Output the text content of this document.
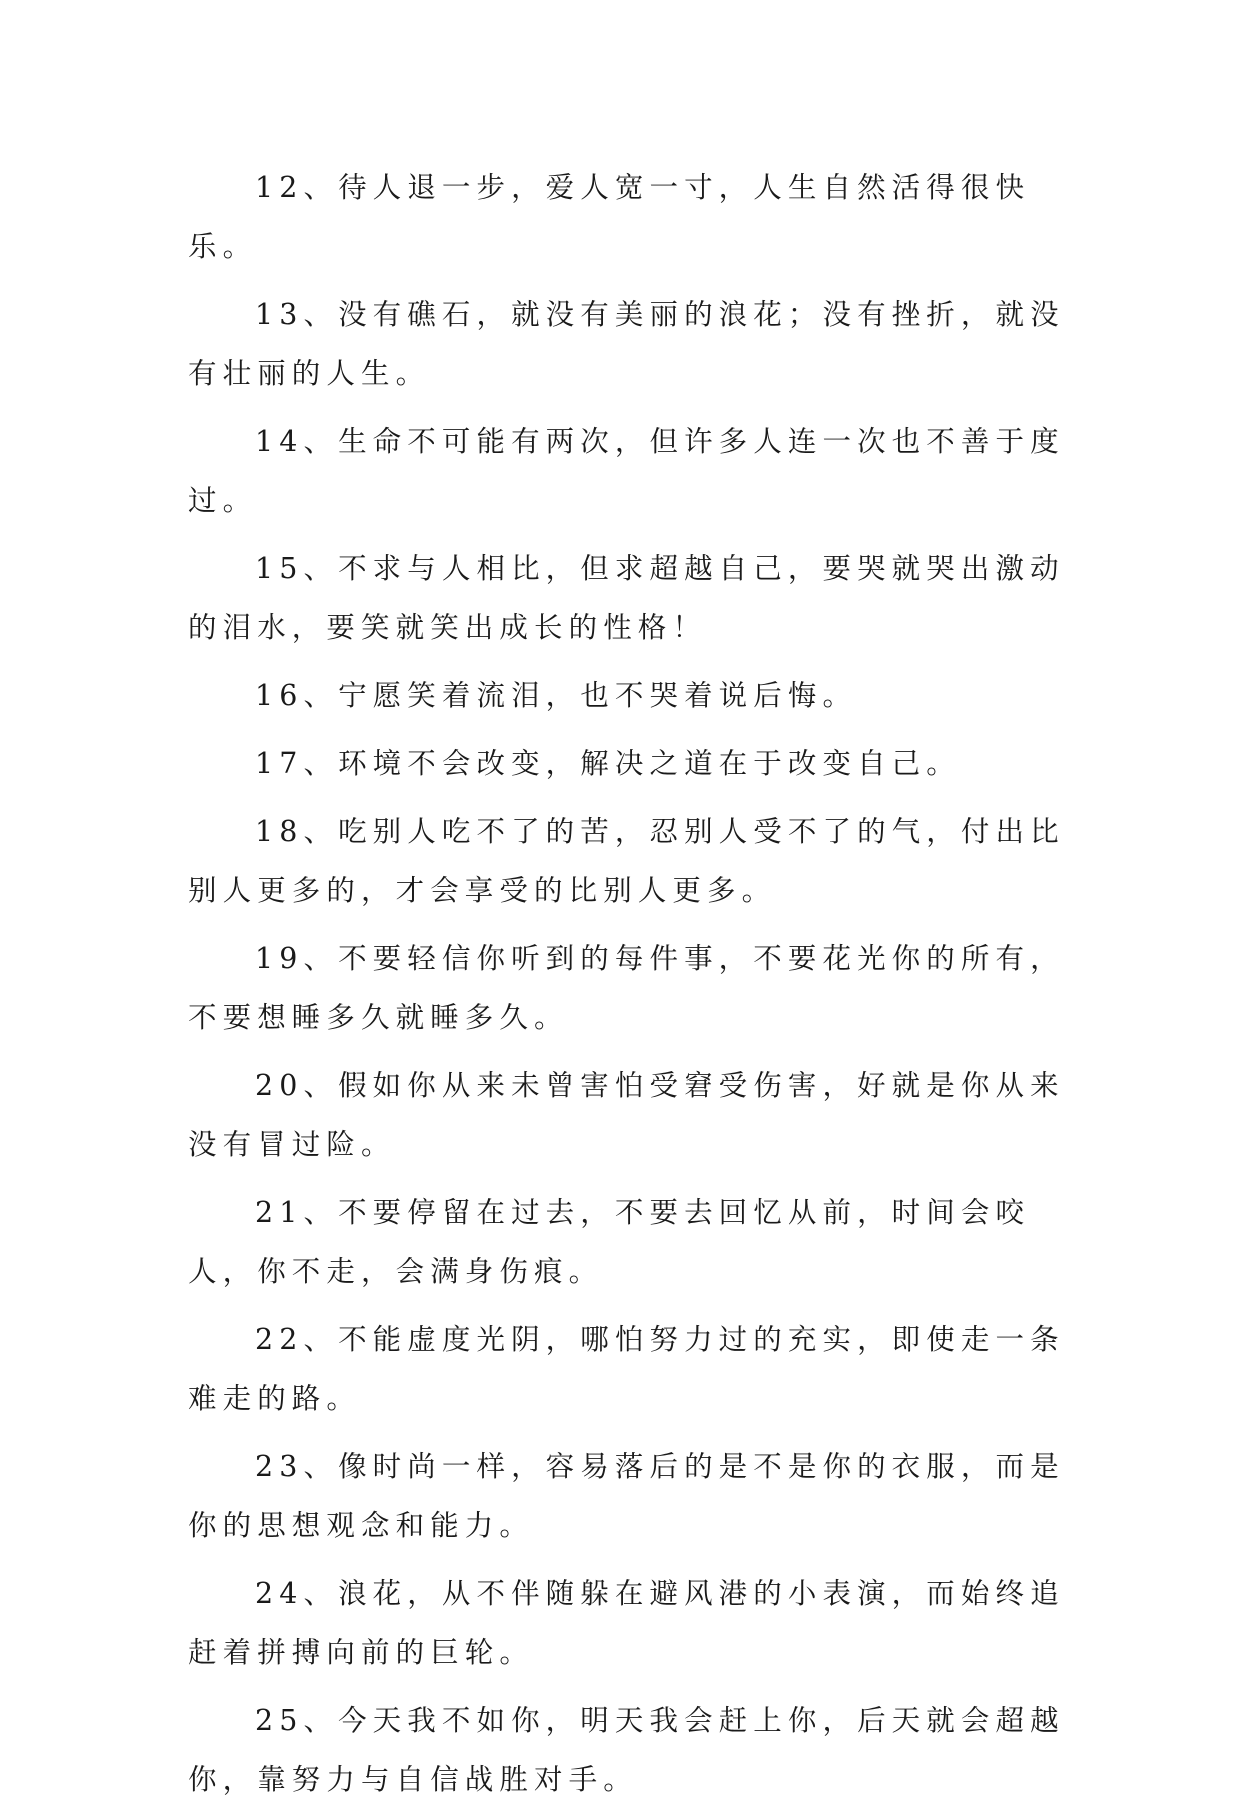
12、待人退一步，爱人宽一寸，人生自然活得很快乐。

13、没有礁石，就没有美丽的浪花；没有挫折，就没有壮丽的人生。

14、生命不可能有两次，但许多人连一次也不善于度过。

15、不求与人相比，但求超越自己，要哭就哭出激动的泪水，要笑就笑出成长的性格！

16、宁愿笑着流泪，也不哭着说后悔。

17、环境不会改变，解决之道在于改变自己。

18、吃别人吃不了的苦，忍别人受不了的气，付出比别人更多的，才会享受的比别人更多。

19、不要轻信你听到的每件事，不要花光你的所有，不要想睡多久就睡多久。

20、假如你从来未曾害怕受窘受伤害，好就是你从来没有冒过险。

21、不要停留在过去，不要去回忆从前，时间会咬人，你不走，会满身伤痕。

22、不能虚度光阴，哪怕努力过的充实，即使走一条难走的路。

23、像时尚一样，容易落后的是不是你的衣服，而是你的思想观念和能力。

24、浪花，从不伴随躲在避风港的小表演，而始终追赶着拼搏向前的巨轮。

25、今天我不如你，明天我会赶上你，后天就会超越你，靠努力与自信战胜对手。
